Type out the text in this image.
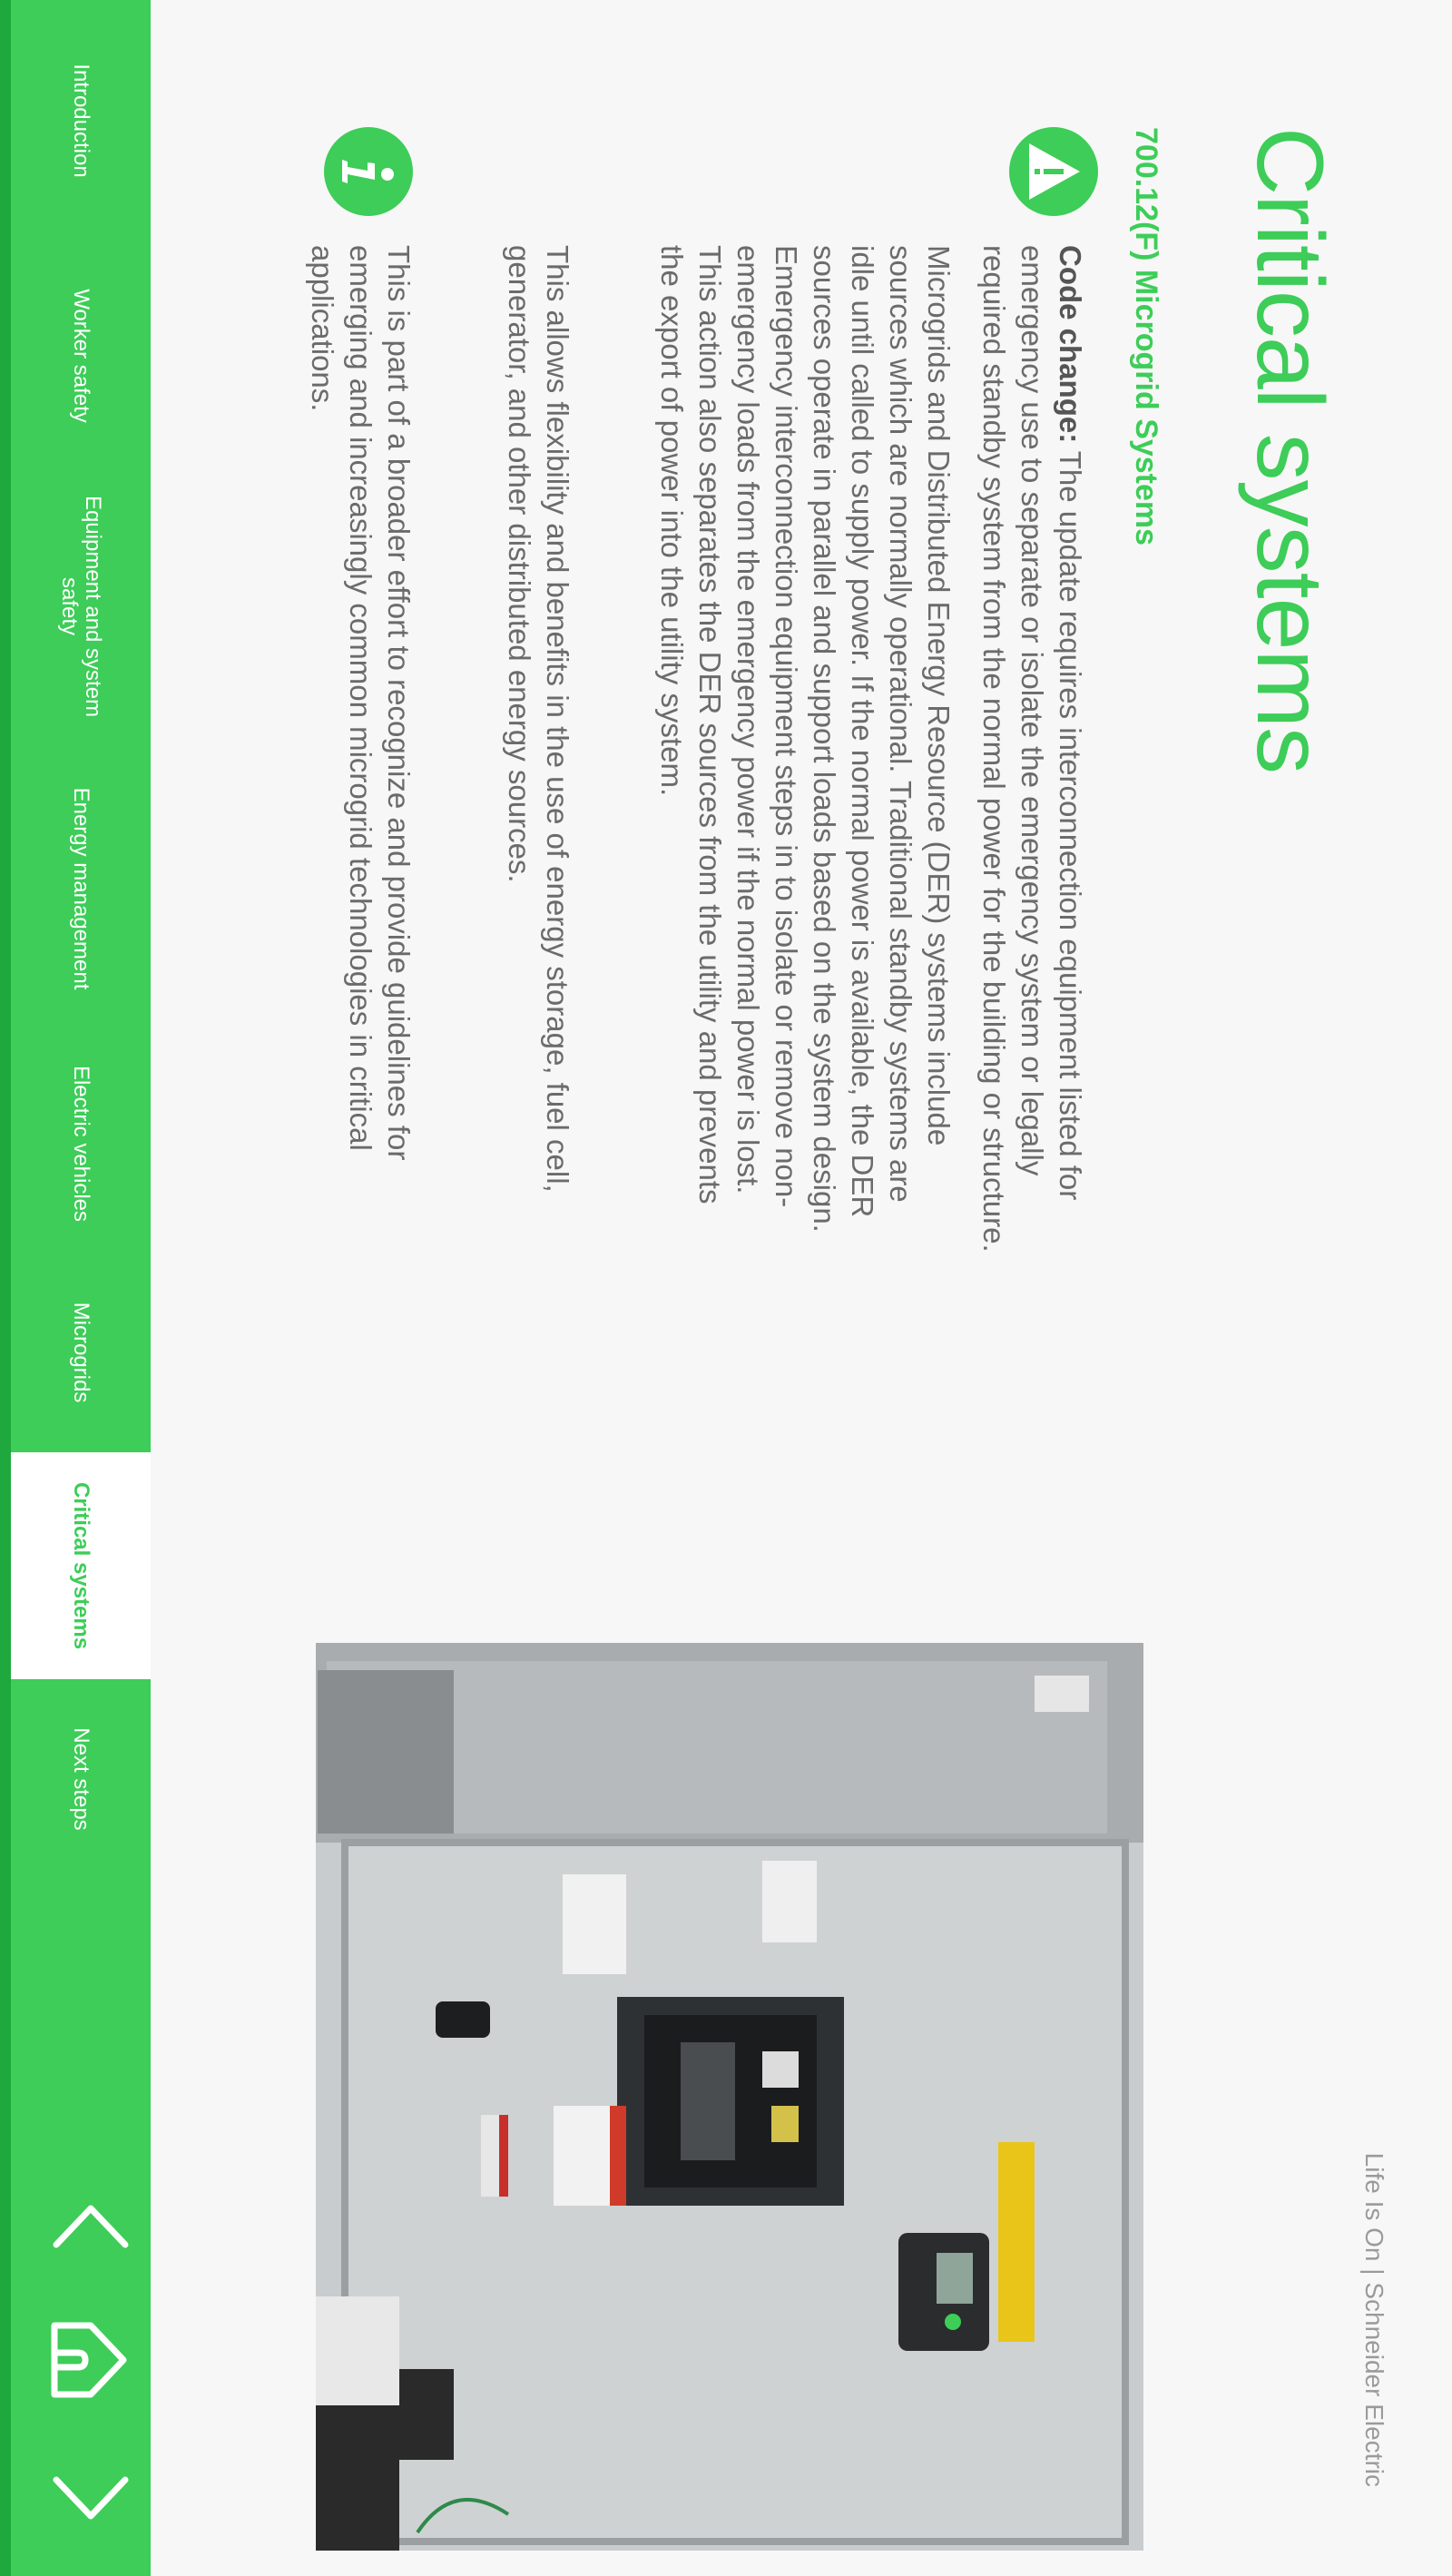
Life Is On | Schneider Electric
Critical systems
700.12(F) Microgrid Systems
Code change: The update requires interconnection equipment listed for emergency use to separate or isolate the emergency system or legally required standby system from the normal power for the building or structure.
Microgrids and Distributed Energy Resource (DER) systems include sources which are normally operational. Traditional standby systems are idle until called to supply power. If the normal power is available, the DER sources operate in parallel and support loads based on the system design. Emergency interconnection equipment steps in to isolate or remove non-emergency loads from the emergency power if the normal power is lost. This action also separates the DER sources from the utility and prevents the export of power into the utility system.
This allows flexibility and benefits in the use of energy storage, fuel cell, generator, and other distributed energy sources.
This is part of a broader effort to recognize and provide guidelines for emerging and increasingly common microgrid technologies in critical applications.
Introduction
Worker safety
Equipment and system safety
Energy management
Electric vehicles
Microgrids
Critical systems
Next steps
